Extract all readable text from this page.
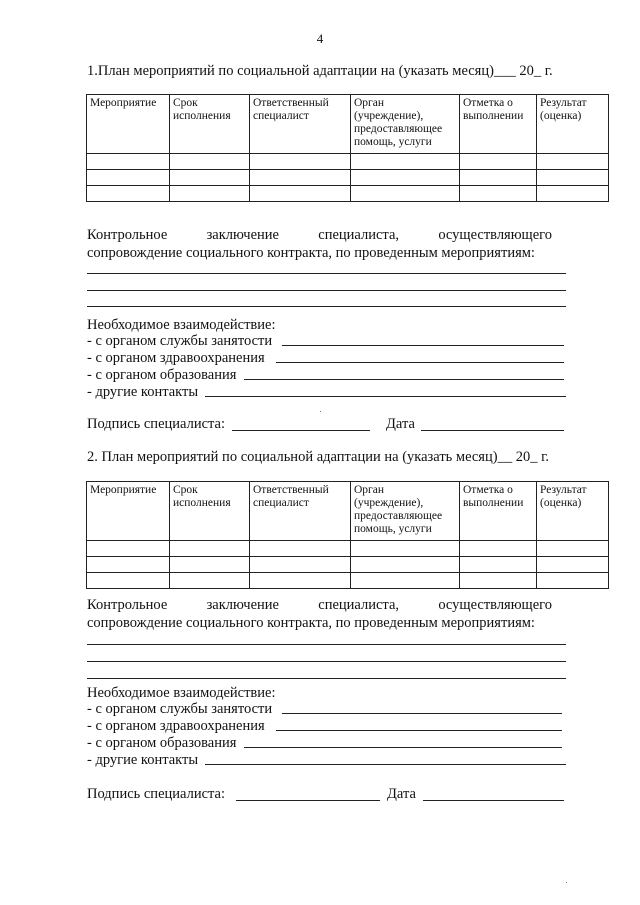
4
1.План мероприятий по социальной адаптации на (указать месяц)___ 20_ г.
Мероприятие	Срок исполнения	Ответственный специалист	Орган (учреждение), предоставляющее помощь, услуги	Отметка о выполнении	Результат (оценка)

Контрольное заключение специалиста, осуществляющего
сопровождение социального контракта, по проведенным мероприятиям:
Необходимое взаимодействие:
- с органом службы занятости
- с органом здравоохранения
- с органом образования
- другие контакты
Подпись специалиста:	Дата
2. План мероприятий по социальной адаптации на (указать месяц)__ 20_ г.
Мероприятие	Срок исполнения	Ответственный специалист	Орган (учреждение), предоставляющее помощь, услуги	Отметка о выполнении	Результат (оценка)

Контрольное заключение специалиста, осуществляющего
сопровождение социального контракта, по проведенным мероприятиям:
Необходимое взаимодействие:
- с органом службы занятости
- с органом здравоохранения
- с органом образования
- другие контакты
Подпись специалиста:	Дата
